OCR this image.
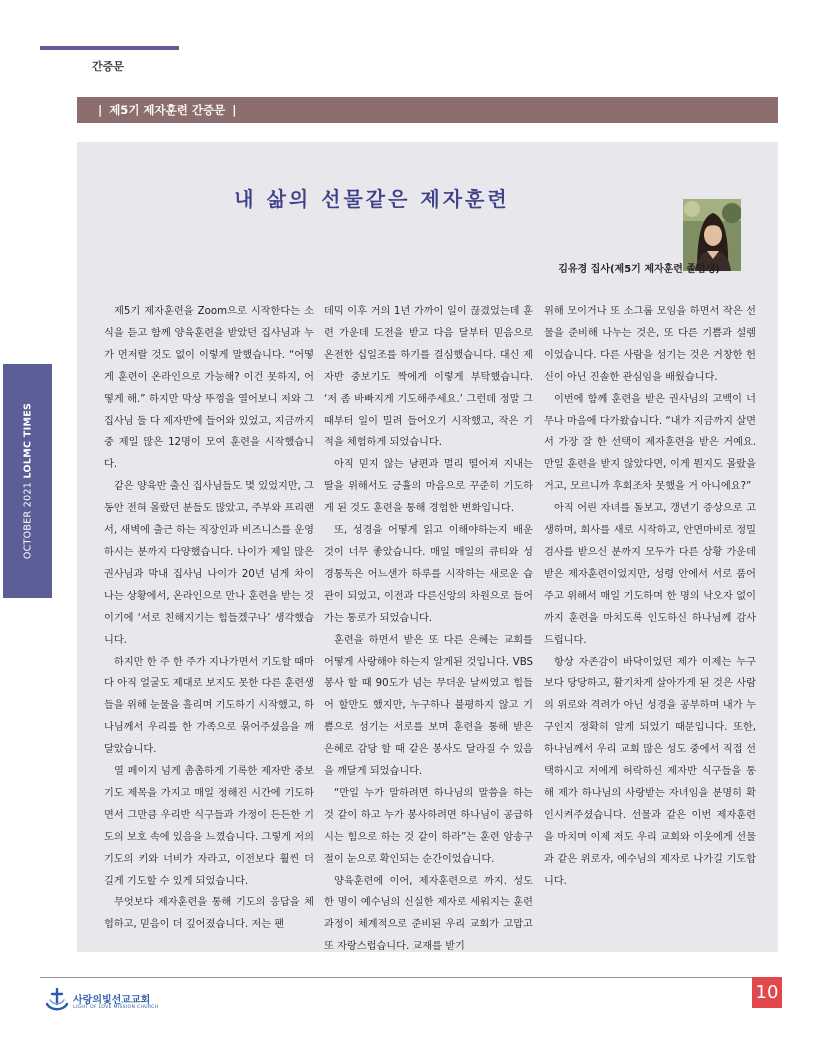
간증문
| 제5기 제자훈련 간증문 |
OCTOBER 2021 LOLMC TIMES
내 삶의 선물같은 제자훈련
김유경 집사(제5기 제자훈련 졸업생)

제5기 제자훈련을 Zoom으로 시작한다는 소식을 듣고 함께 양육훈련을 받았던 집사님과 누가 먼저랄 것도 없이 이렇게 말했습니다. “어떻게 훈련이 온라인으로 가능해? 이건 못하지, 어떻게 해.” 하지만 막상 뚜껑을 열어보니 저와 그 집사님 둘 다 제자반에 들어와 있었고, 지금까지 중 제일 많은 12명이 모여 훈련을 시작했습니다.

같은 양육반 출신 집사님들도 몇 있었지만, 그동안 전혀 몰랐던 분들도 많았고, 주부와 프리랜서, 새벽에 출근 하는 직장인과 비즈니스를 운영하시는 분까지 다양했습니다. 나이가 제일 많은 권사님과 막내 집사님 나이가 20년 넘게 차이 나는 상황에서, 온라인으로 만나 훈련을 받는 것이기에 ‘서로 친해지기는 힘들겠구나’ 생각했습니다.

하지만 한 주 한 주가 지나가면서 기도할 때마다 아직 얼굴도 제대로 보지도 못한 다른 훈련생들을 위해 눈물을 흘리며 기도하기 시작했고, 하나님께서 우리를 한 가족으로 묶어주셨음을 깨달았습니다.

열 페이지 넘게 촘촘하게 기록한 제자반 중보기도 제목을 가지고 매일 정해진 시간에 기도하면서 그만큼 우리반 식구들과 가정이 든든한 기도의 보호 속에 있음을 느꼈습니다. 그렇게 저의 기도의 키와 너비가 자라고, 이전보다 훨씬 더 길게 기도할 수 있게 되었습니다.

무엇보다 제자훈련을 통해 기도의 응답을 체험하고, 믿음이 더 깊어졌습니다. 저는 팬

데믹 이후 거의 1년 가까이 일이 끊겼었는데 훈련 가운데 도전을 받고 다음 달부터 믿음으로 온전한 십일조를 하기를 결심했습니다. 대신 제자반 중보기도 짝에게 이렇게 부탁했습니다. ‘저 좀 바빠지게 기도해주세요.’ 그런데 정말 그때부터 일이 밀려 들어오기 시작했고, 작은 기적을 체험하게 되었습니다.

아직 믿지 않는 남편과 멀리 떨어져 지내는 딸을 위해서도 긍휼의 마음으로 꾸준히 기도하게 된 것도 훈련을 통해 경험한 변화입니다.

또, 성경을 어떻게 읽고 이해야하는지 배운 것이 너무 좋았습니다. 매일 매일의 큐티와 성경통독은 어느샌가 하루를 시작하는 새로운 습관이 되었고, 이전과 다른신앙의 차원으로 들어가는 통로가 되었습니다.

훈련을 하면서 받은 또 다른 은혜는 교회를 어떻게 사랑해야 하는지 알게된 것입니다. VBS 봉사 할 때 90도가 넘는 무더운 날씨였고 힘들어 할만도 했지만, 누구하나 불평하지 않고 기쁨으로 섬기는 서로를 보며 훈련을 통해 받은 은혜로 감당 할 때 같은 봉사도 달라질 수 있음을 깨달게 되었습니다.

“만일 누가 말하려면 하나님의 말씀을 하는 것 같이 하고 누가 봉사하려면 하나님이 공급하시는 힘으로 하는 것 같이 하라”는 훈련 암송구절이 눈으로 확인되는 순간이었습니다.

양육훈련에 이어, 제자훈련으로 까지. 성도 한 명이 예수님의 신실한 제자로 세워지는 훈련 과정이 체계적으로 준비된 우리 교회가 고맙고 또 자랑스럽습니다. 교재를 받기

위해 모이거나 또 소그룹 모임을 하면서 작은 선물을 준비해 나누는 것은, 또 다른 기쁨과 설렘이었습니다. 다른 사람을 섬기는 것은 거창한 헌신이 아닌 진솔한 관심임을 배웠습니다.

이번에 함께 훈련을 받은 권사님의 고백이 너무나 마음에 다가왔습니다. “내가 지금까지 살면서 가장 잘 한 선택이 제자훈련을 받은 거예요. 만일 훈련을 받지 않았다면, 이게 뭔지도 몰랐을 거고, 모르니까 후회조차 못했을 거 아니에요?”

아직 어린 자녀를 돌보고, 갱년기 증상으로 고생하며, 회사를 새로 시작하고, 안면마비로 정밀검사를 받으신 분까지 모두가 다른 상황 가운데 받은 제자훈련이었지만, 성령 안에서 서로 품어주고 위해서 매일 기도하며 한 명의 낙오자 없이까지 훈련을 마치도록 인도하신 하나님께 감사드립니다.

항상 자존감이 바닥이었던 제가 이제는 누구보다 당당하고, 활기차게 살아가게 된 것은 사람의 위로와 격려가 아닌 성경을 공부하며 내가 누구인지 정확히 알게 되었기 때문입니다. 또한, 하나님께서 우리 교회 많은 성도 중에서 직접 선택하시고 저에게 허락하신 제자반 식구들을 통해 제가 하나님의 사랑받는 자녀임을 분명히 확인시켜주셨습니다. 선물과 같은 이번 제자훈련을 마치며 이제 저도 우리 교회와 이웃에게 선물과 같은 위로자, 예수님의 제자로 나가길 기도합니다.

사랑의빛선교교회
LIGHT OF LOVE MISSION CHURCH
10
